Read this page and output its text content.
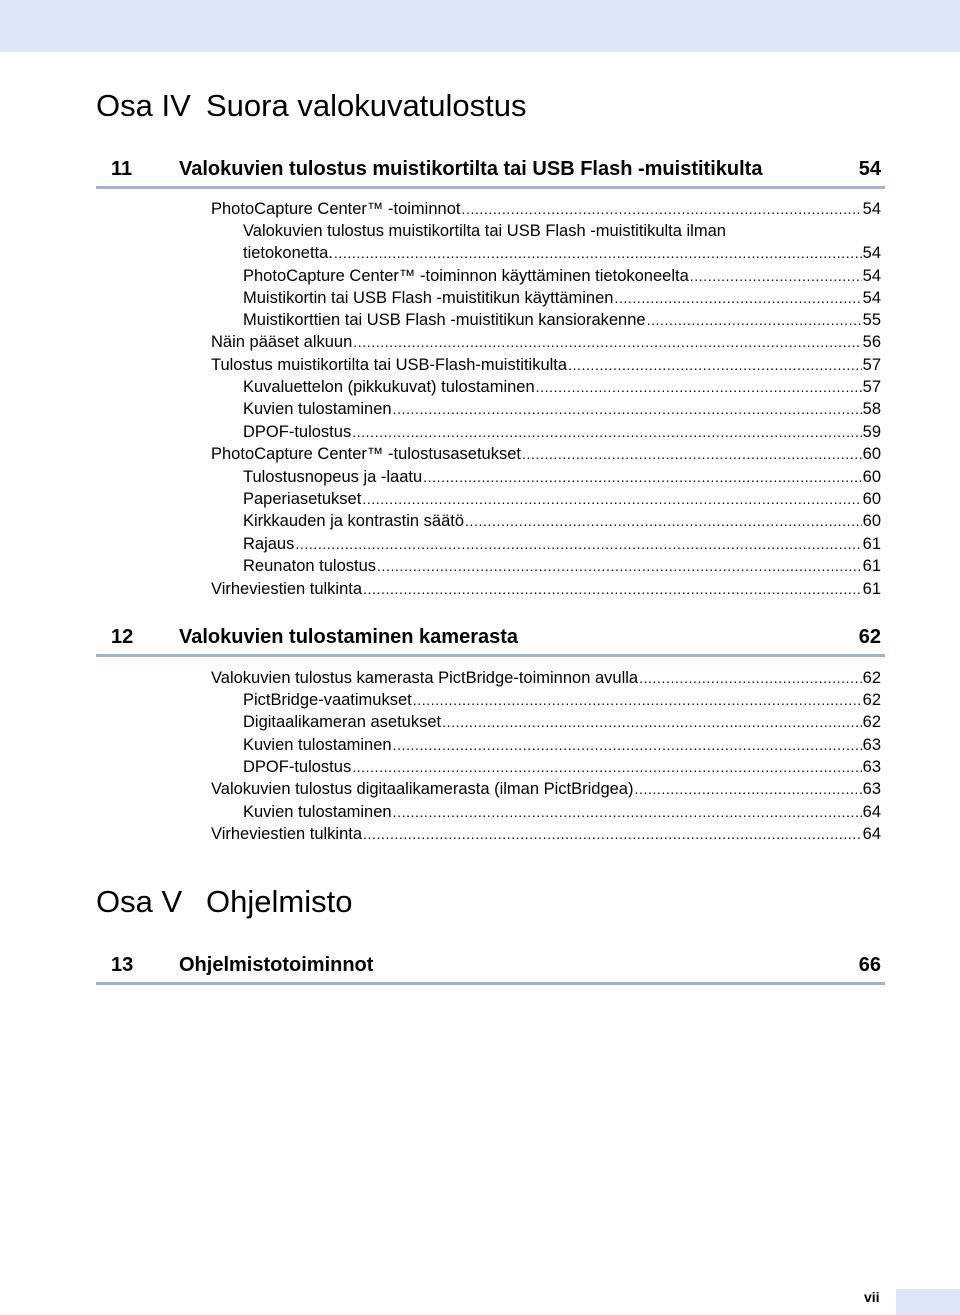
Osa IV Suora valokuvatulostus
11 Valokuvien tulostus muistikortilta tai USB Flash -muistitikulta	54
PhotoCapture Center™ -toiminnot .....	54
Valokuvien tulostus muistikortilta tai USB Flash -muistitikulta ilman
tietokonetta. .....	54
PhotoCapture Center™ -toiminnon käyttäminen tietokoneelta .....	54
Muistikortin tai USB Flash -muistitikun käyttäminen .....	54
Muistikorttien tai USB Flash -muistitikun kansiorakenne .....	55
Näin pääset alkuun .....	56
Tulostus muistikortilta tai USB-Flash-muistitikulta .....	57
Kuvaluettelon (pikkukuvat) tulostaminen .....	57
Kuvien tulostaminen .....	58
DPOF-tulostus .....	59
PhotoCapture Center™ -tulostusasetukset .....	60
Tulostusnopeus ja -laatu .....	60
Paperiasetukset .....	60
Kirkkauden ja kontrastin säätö .....	60
Rajaus .....	61
Reunaton tulostus .....	61
Virheviestien tulkinta .....	61
12 Valokuvien tulostaminen kamerasta	62
Valokuvien tulostus kamerasta PictBridge-toiminnon avulla .....	62
PictBridge-vaatimukset .....	62
Digitaalikameran asetukset .....	62
Kuvien tulostaminen .....	63
DPOF-tulostus .....	63
Valokuvien tulostus digitaalikamerasta (ilman PictBridgea) .....	63
Kuvien tulostaminen .....	64
Virheviestien tulkinta .....	64
Osa V Ohjelmisto
13 Ohjelmistotoiminnot	66
vii
